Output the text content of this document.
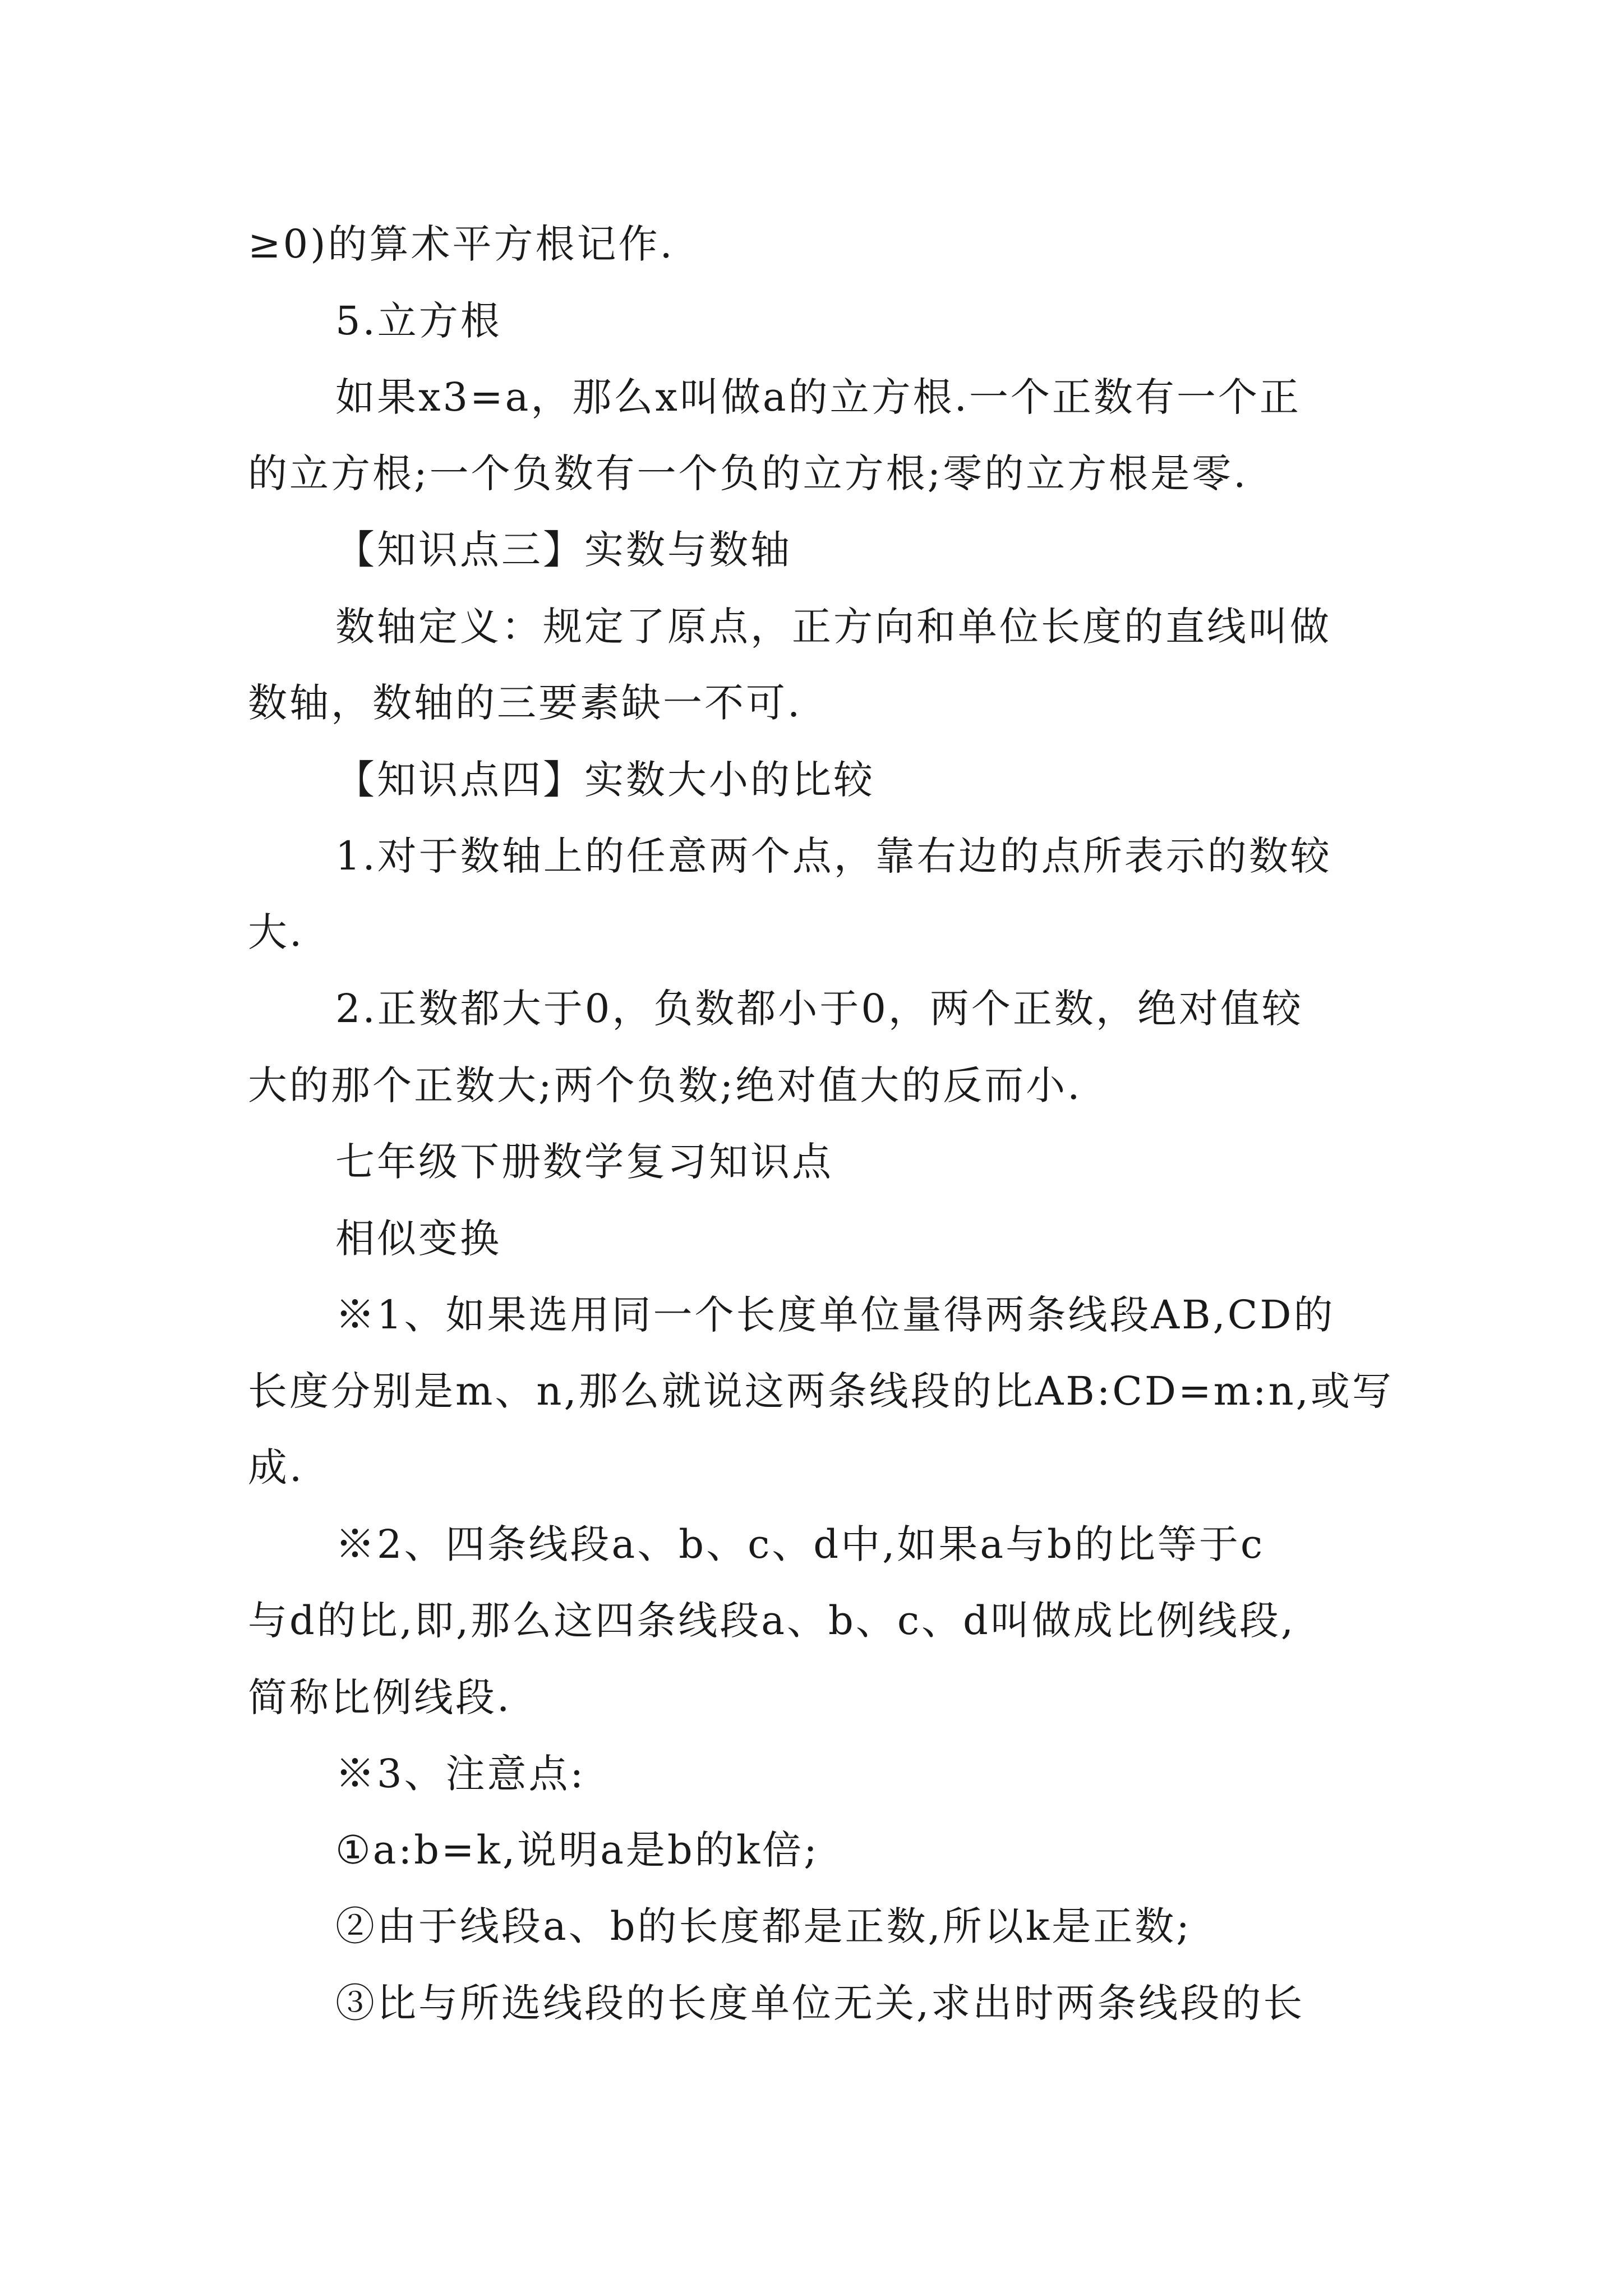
≥0)的算术平方根记作.
5.立方根
如果x3=a，那么x叫做a的立方根.一个正数有一个正
的立方根;一个负数有一个负的立方根;零的立方根是零.
【知识点三】实数与数轴
数轴定义：规定了原点，正方向和单位长度的直线叫做
数轴，数轴的三要素缺一不可.
【知识点四】实数大小的比较
1.对于数轴上的任意两个点，靠右边的点所表示的数较
大.
2.正数都大于0，负数都小于0，两个正数，绝对值较
大的那个正数大;两个负数;绝对值大的反而小.
七年级下册数学复习知识点
相似变换
※1、如果选用同一个长度单位量得两条线段AB,CD的
长度分别是m、n,那么就说这两条线段的比AB:CD=m:n,或写
成.
※2、四条线段a、b、c、d中,如果a与b的比等于c
与d的比,即,那么这四条线段a、b、c、d叫做成比例线段,
简称比例线段.
※3、注意点:
①a:b=k,说明a是b的k倍;
②由于线段a、b的长度都是正数,所以k是正数;
③比与所选线段的长度单位无关,求出时两条线段的长
